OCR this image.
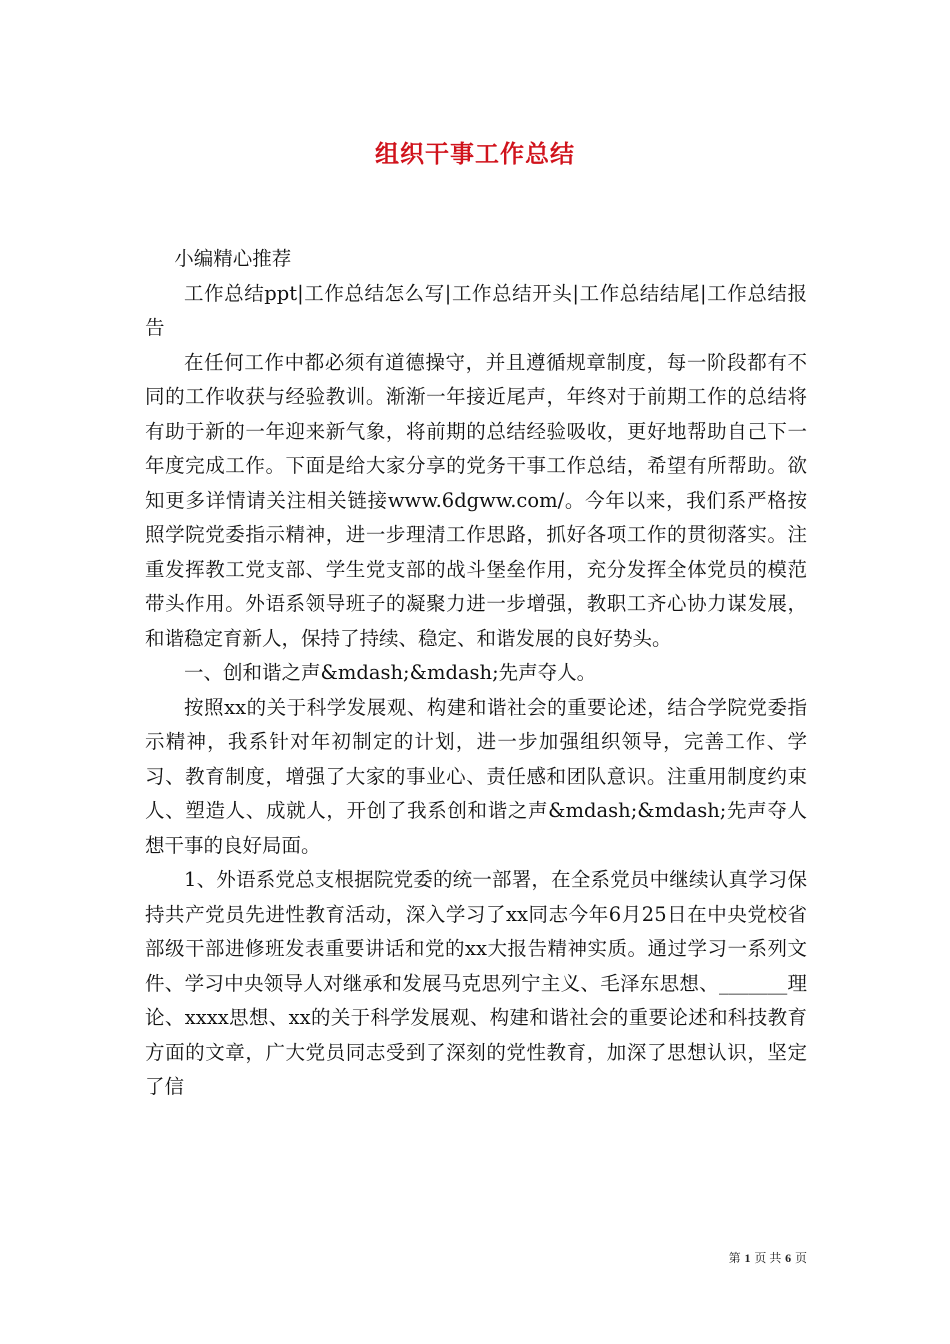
组织干事工作总结

小编精心推荐

工作总结ppt|工作总结怎么写|工作总结开头|工作总结结尾|工作总结报告

在任何工作中都必须有道德操守，并且遵循规章制度，每一阶段都有不同的工作收获与经验教训。渐渐一年接近尾声，年终对于前期工作的总结将有助于新的一年迎来新气象，将前期的总结经验吸收，更好地帮助自己下一年度完成工作。下面是给大家分享的党务干事工作总结，希望有所帮助。欲知更多详情请关注相关链接www.6dgww.com/。今年以来，我们系严格按照学院党委指示精神，进一步理清工作思路，抓好各项工作的贯彻落实。注重发挥教工党支部、学生党支部的战斗堡垒作用，充分发挥全体党员的模范带头作用。外语系领导班子的凝聚力进一步增强，教职工齐心协力谋发展，和谐稳定育新人，保持了持续、稳定、和谐发展的良好势头。

一、创和谐之声&mdash;&mdash;先声夺人。

按照xx的关于科学发展观、构建和谐社会的重要论述，结合学院党委指示精神，我系针对年初制定的计划，进一步加强组织领导，完善工作、学习、教育制度，增强了大家的事业心、责任感和团队意识。注重用制度约束人、塑造人、成就人，开创了我系创和谐之声&mdash;&mdash;先声夺人想干事的良好局面。

1、外语系党总支根据院党委的统一部署，在全系党员中继续认真学习保持共产党员先进性教育活动，深入学习了xx同志今年6月25日在中央党校省部级干部进修班发表重要讲话和党的xx大报告精神实质。通过学习一系列文件、学习中央领导人对继承和发展马克思列宁主义、毛泽东思想、_______理论、xxxx思想、xx的关于科学发展观、构建和谐社会的重要论述和科技教育方面的文章，广大党员同志受到了深刻的党性教育，加深了思想认识，坚定了信

第 1 页 共 6 页
